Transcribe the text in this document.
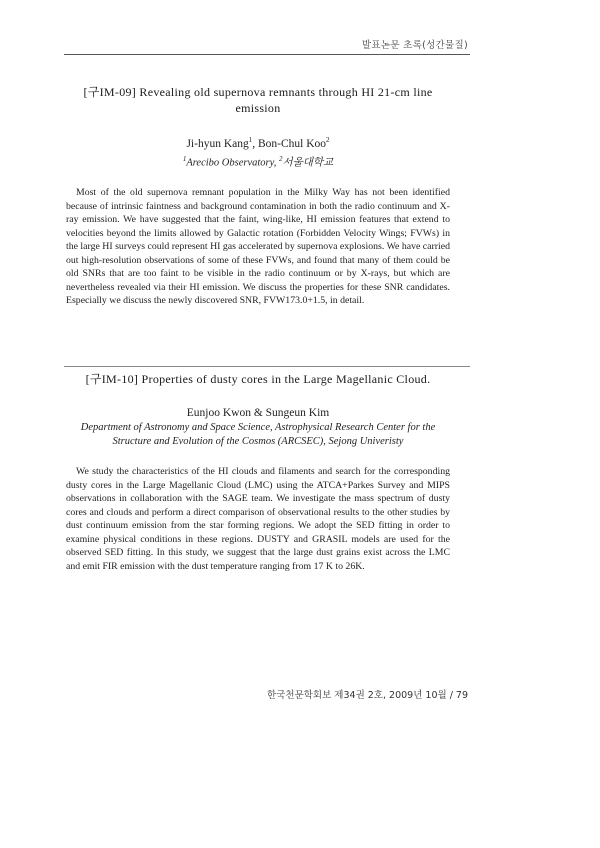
발표논문 초록(성간물질)
[구IM-09] Revealing old supernova remnants through HI 21-cm line emission
Ji-hyun Kang$^1$, Bon-Chul Koo$^2$
$^1$Arecibo Observatory, $^2$서울대학교

Most of the old supernova remnant population in the Milky Way has not been identified because of intrinsic faintness and background contamination in both the radio continuum and X-ray emission. We have suggested that the faint, wing-like, HI emission features that extend to velocities beyond the limits allowed by Galactic rotation (Forbidden Velocity Wings; FVWs) in the large HI surveys could represent HI gas accelerated by supernova explosions. We have carried out high-resolution observations of some of these FVWs, and found that many of them could be old SNRs that are too faint to be visible in the radio continuum or by X-rays, but which are nevertheless revealed via their HI emission. We discuss the properties for these SNR candidates. Especially we discuss the newly discovered SNR, FVW173.0+1.5, in detail.

[구IM-10] Properties of dusty cores in the Large Magellanic Cloud.
Eunjoo Kwon & Sungeun Kim
Department of Astronomy and Space Science, Astrophysical Research Center for the Structure and Evolution of the Cosmos (ARCSEC), Sejong Univeristy

We study the characteristics of the HI clouds and filaments and search for the corresponding dusty cores in the Large Magellanic Cloud (LMC) using the ATCA+Parkes Survey and MIPS observations in collaboration with the SAGE team. We investigate the mass spectrum of dusty cores and clouds and perform a direct comparison of observational results to the other studies by dust continuum emission from the star forming regions. We adopt the SED fitting in order to examine physical conditions in these regions. DUSTY and GRASIL models are used for the observed SED fitting. In this study, we suggest that the large dust grains exist across the LMC and emit FIR emission with the dust temperature ranging from 17 K to 26K.

한국천문학회보 제34권 2호, 2009년 10월 / 79
